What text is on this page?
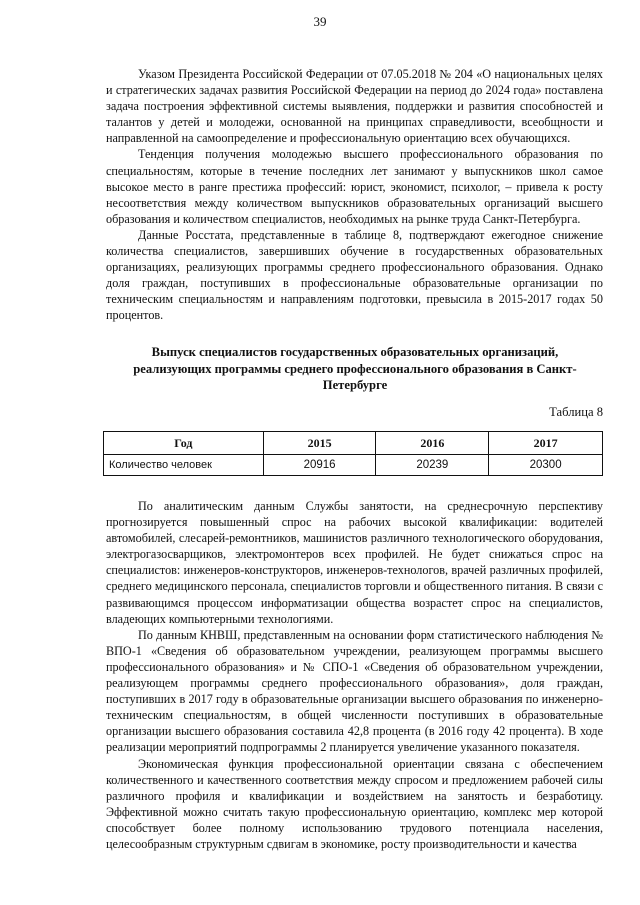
39

Указом Президента Российской Федерации от 07.05.2018 № 204 «О национальных целях и стратегических задачах развития Российской Федерации на период до 2024 года» поставлена задача построения эффективной системы выявления, поддержки и развития способностей и талантов у детей и молодежи, основанной на принципах справедливости, всеобщности и направленной на самоопределение и профессиональную ориентацию всех обучающихся.

Тенденция получения молодежью высшего профессионального образования по специальностям, которые в течение последних лет занимают у выпускников школ самое высокое место в ранге престижа профессий: юрист, экономист, психолог, – привела к росту несоответствия между количеством выпускников образовательных организаций высшего образования и количеством специалистов, необходимых на рынке труда Санкт-Петербурга.

Данные Росстата, представленные в таблице 8, подтверждают ежегодное снижение количества специалистов, завершивших обучение в государственных образовательных организациях, реализующих программы среднего профессионального образования. Однако доля граждан, поступивших в профессиональные образовательные организации по техническим специальностям и направлениям подготовки, превысила в 2015-2017 годах 50 процентов.

Выпуск специалистов государственных образовательных организаций, реализующих программы среднего профессионального образования в Санкт-Петербурге

Таблица 8
Год	2015	2016	2017
Количество человек	20916	20239	20300

По аналитическим данным Службы занятости, на среднесрочную перспективу прогнозируется повышенный спрос на рабочих высокой квалификации: водителей автомобилей, слесарей-ремонтников, машинистов различного технологического оборудования, электрогазосварщиков, электромонтеров всех профилей. Не будет снижаться спрос на специалистов: инженеров-конструкторов, инженеров-технологов, врачей различных профилей, среднего медицинского персонала, специалистов торговли и общественного питания. В связи с развивающимся процессом информатизации общества возрастет спрос на специалистов, владеющих компьютерными технологиями.

По данным КНВШ, представленным на основании форм статистического наблюдения № ВПО-1 «Сведения об образовательном учреждении, реализующем программы высшего профессионального образования» и № СПО-1 «Сведения об образовательном учреждении, реализующем программы среднего профессионального образования», доля граждан, поступивших в 2017 году в образовательные организации высшего образования по инженерно-техническим специальностям, в общей численности поступивших в образовательные организации высшего образования составила 42,8 процента (в 2016 году 42 процента). В ходе реализации мероприятий подпрограммы 2 планируется увеличение указанного показателя.

Экономическая функция профессиональной ориентации связана с обеспечением количественного и качественного соответствия между спросом и предложением рабочей силы различного профиля и квалификации и воздействием на занятость и безработицу. Эффективной можно считать такую профессиональную ориентацию, комплекс мер которой способствует более полному использованию трудового потенциала населения, целесообразным структурным сдвигам в экономике, росту производительности и качества
